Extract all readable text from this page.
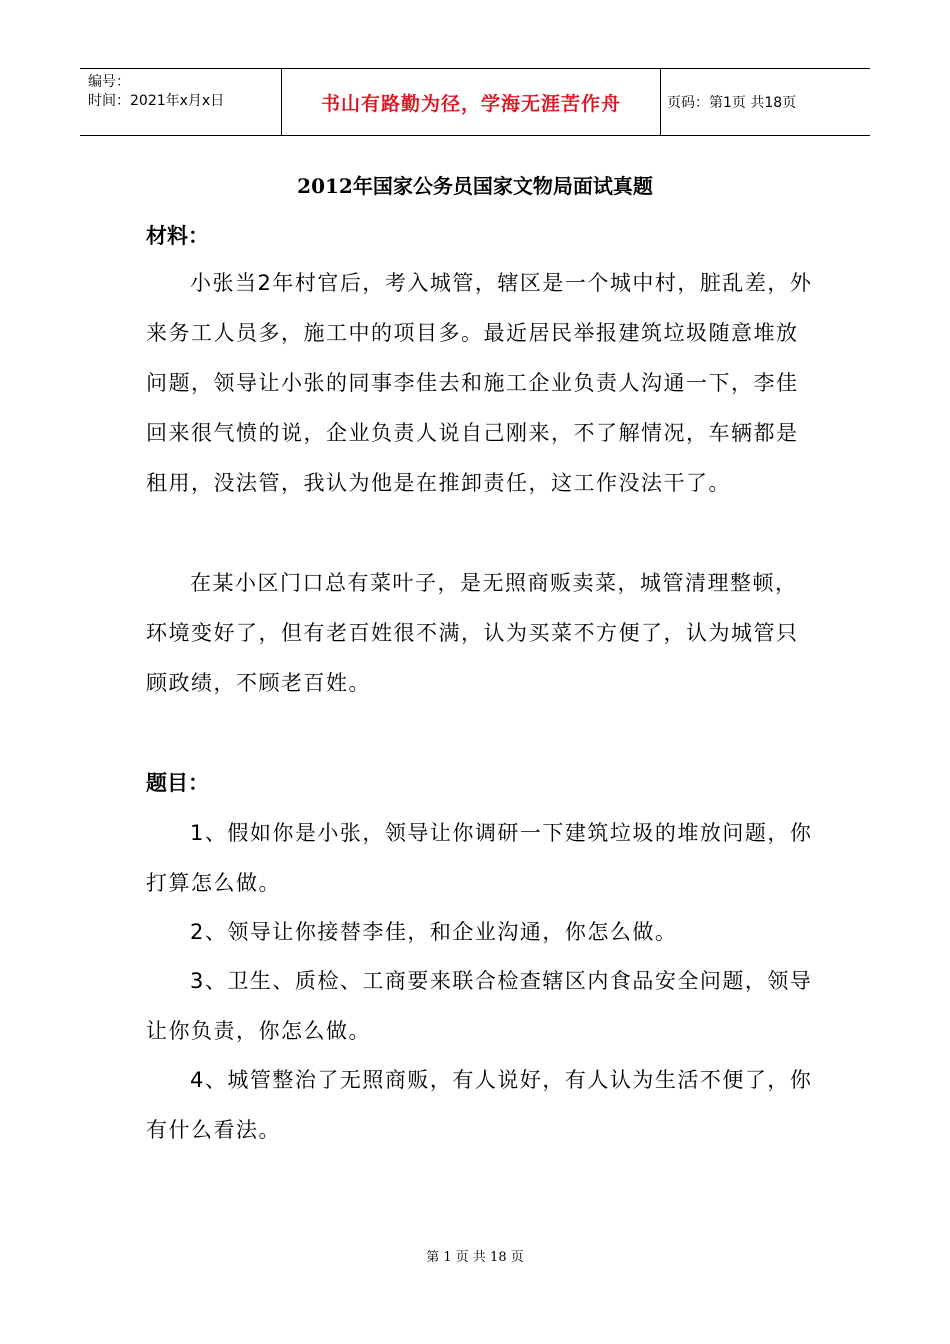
编号：
时间：2021年x月x日	书山有路勤为径，学海无涯苦作舟	页码：第1页 共18页
2012年国家公务员国家文物局面试真题
材料：

小张当2年村官后，考入城管，辖区是一个城中村，脏乱差，外来务工人员多，施工中的项目多。最近居民举报建筑垃圾随意堆放问题，领导让小张的同事李佳去和施工企业负责人沟通一下，李佳回来很气愤的说，企业负责人说自己刚来，不了解情况，车辆都是租用，没法管，我认为他是在推卸责任，这工作没法干了。

在某小区门口总有菜叶子，是无照商贩卖菜，城管清理整顿，环境变好了，但有老百姓很不满，认为买菜不方便了，认为城管只顾政绩，不顾老百姓。

题目：

1、假如你是小张，领导让你调研一下建筑垃圾的堆放问题，你打算怎么做。

2、领导让你接替李佳，和企业沟通，你怎么做。

3、卫生、质检、工商要来联合检查辖区内食品安全问题，领导让你负责，你怎么做。

4、城管整治了无照商贩，有人说好，有人认为生活不便了，你有什么看法。

第 1 页 共 18 页
